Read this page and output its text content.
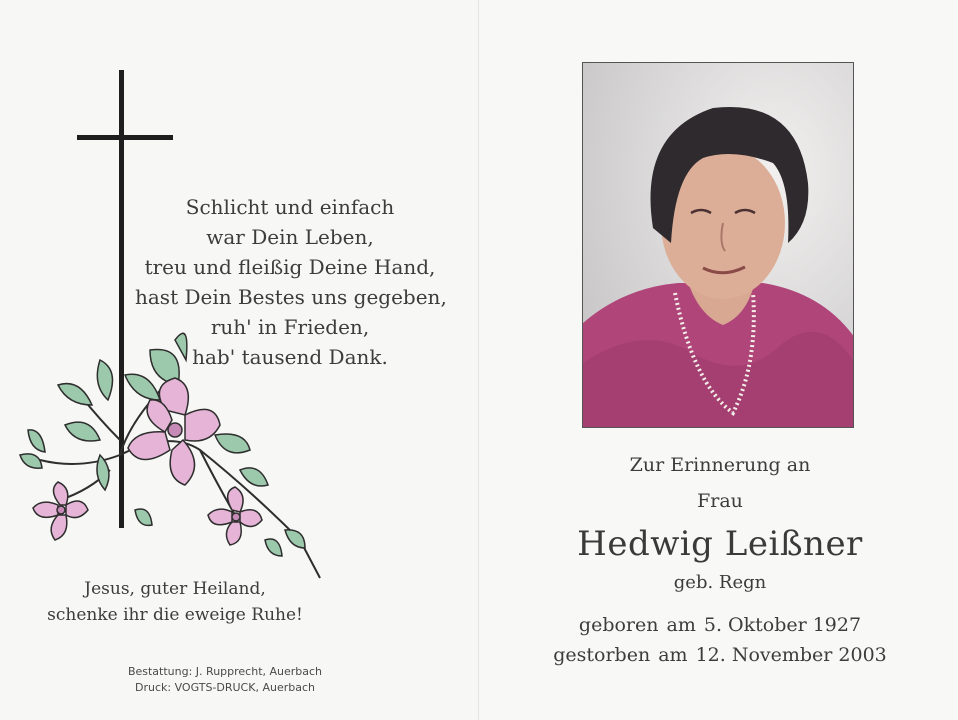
Schlicht und einfach
war Dein Leben,
treu und fleißig Deine Hand,
hast Dein Bestes uns gegeben,
ruh' in Frieden,
hab' tausend Dank.
Jesus, guter Heiland,
schenke ihr die eweige Ruhe!
Bestattung: J. Rupprecht, Auerbach
Druck: VOGTS-DRUCK, Auerbach
Zur Erinnerung an
Frau
Hedwig Leißner
geb. Regn
geboren am 5. Oktober 1927
gestorben am 12. November 2003
